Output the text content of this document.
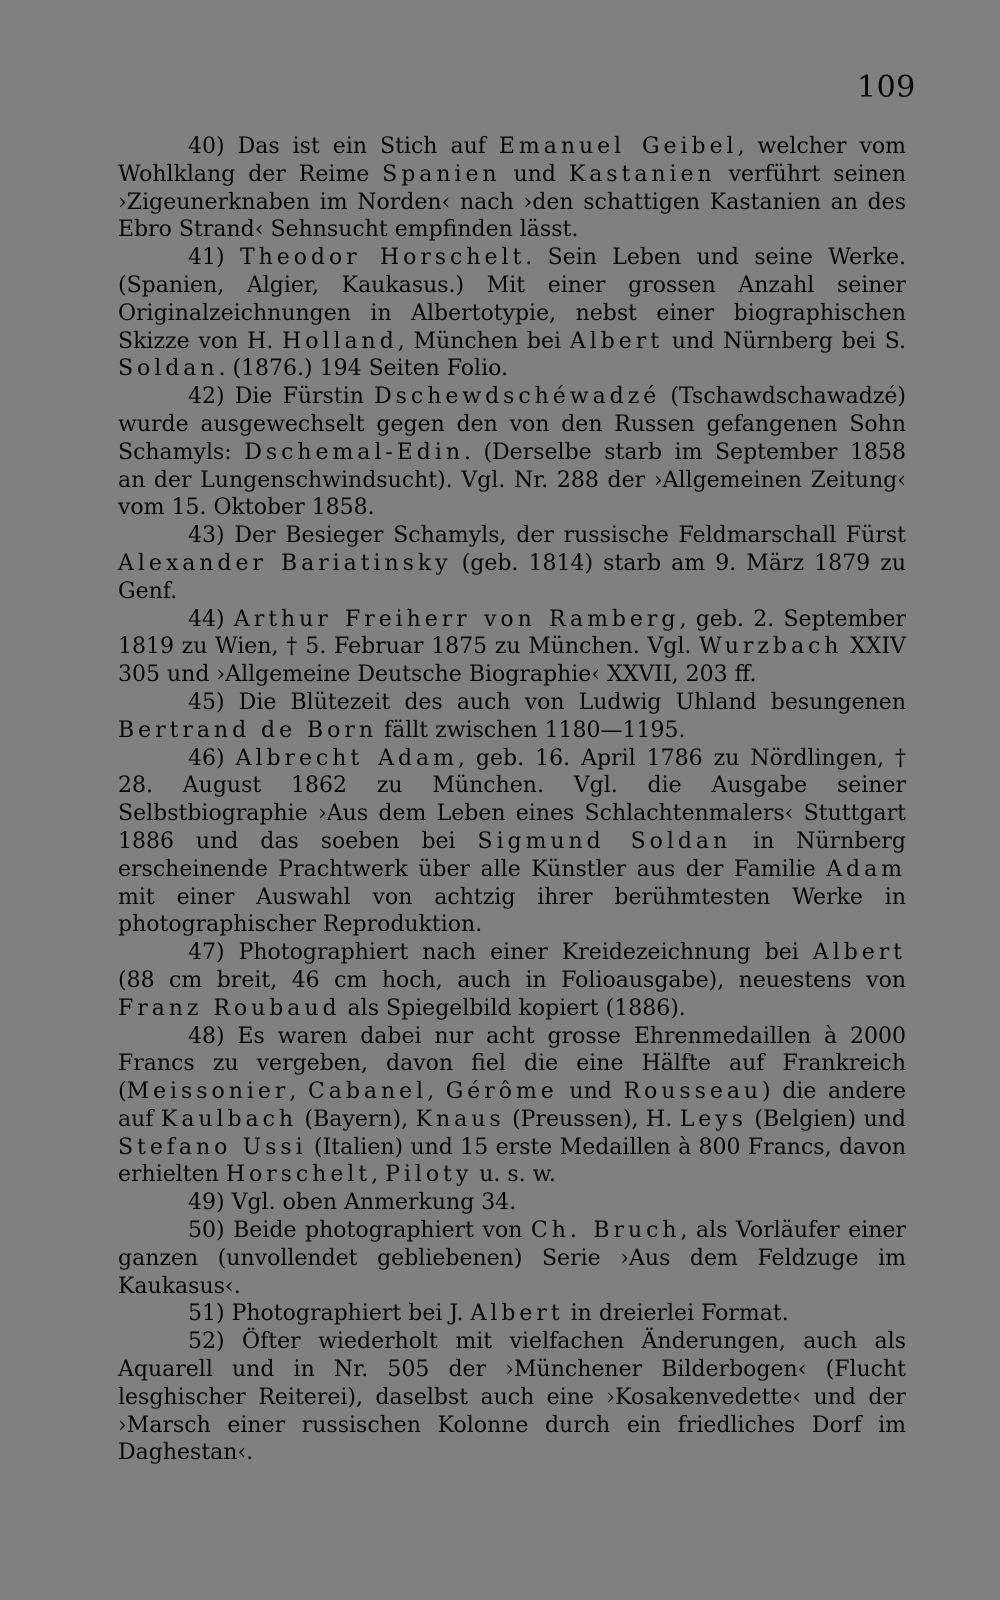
109

40) Das ist ein Stich auf Emanuel Geibel, welcher vom Wohlklang der Reime Spanien und Kastanien verführt seinen ›Zigeunerknaben im Norden‹ nach ›den schattigen Kastanien an des Ebro Strand‹ Sehnsucht empfinden lässt.

41) Theodor Horschelt. Sein Leben und seine Werke. (Spanien, Algier, Kaukasus.) Mit einer grossen Anzahl seiner Originalzeichnungen in Albertotypie, nebst einer biographischen Skizze von H. Holland, München bei Albert und Nürnberg bei S. Soldan. (1876.) 194 Seiten Folio.

42) Die Fürstin Dschewdschéwadzé (Tschawdschawadzé) wurde ausgewechselt gegen den von den Russen gefangenen Sohn Schamyls: Dschemal-Edin. (Derselbe starb im September 1858 an der Lungenschwindsucht). Vgl. Nr. 288 der ›Allgemeinen Zeitung‹ vom 15. Oktober 1858.

43) Der Besieger Schamyls, der russische Feldmarschall Fürst Alexander Bariatinsky (geb. 1814) starb am 9. März 1879 zu Genf.

44) Arthur Freiherr von Ramberg, geb. 2. September 1819 zu Wien, † 5. Februar 1875 zu München. Vgl. Wurzbach XXIV 305 und ›Allgemeine Deutsche Biographie‹ XXVII, 203 ff.

45) Die Blütezeit des auch von Ludwig Uhland besungenen Bertrand de Born fällt zwischen 1180—1195.

46) Albrecht Adam, geb. 16. April 1786 zu Nördlingen, † 28. August 1862 zu München. Vgl. die Ausgabe seiner Selbstbiographie ›Aus dem Leben eines Schlachtenmalers‹ Stuttgart 1886 und das soeben bei Sigmund Soldan in Nürnberg erscheinende Prachtwerk über alle Künstler aus der Familie Adam mit einer Auswahl von achtzig ihrer berühmtesten Werke in photographischer Reproduktion.

47) Photographiert nach einer Kreidezeichnung bei Albert (88 cm breit, 46 cm hoch, auch in Folioausgabe), neuestens von Franz Roubaud als Spiegelbild kopiert (1886).

48) Es waren dabei nur acht grosse Ehrenmedaillen à 2000 Francs zu vergeben, davon fiel die eine Hälfte auf Frankreich (Meissonier, Cabanel, Gérôme und Rousseau) die andere auf Kaulbach (Bayern), Knaus (Preussen), H. Leys (Belgien) und Stefano Ussi (Italien) und 15 erste Medaillen à 800 Francs, davon erhielten Horschelt, Piloty u. s. w.

49) Vgl. oben Anmerkung 34.

50) Beide photographiert von Ch. Bruch, als Vorläufer einer ganzen (unvollendet gebliebenen) Serie ›Aus dem Feldzuge im Kaukasus‹.

51) Photographiert bei J. Albert in dreierlei Format.

52) Öfter wiederholt mit vielfachen Änderungen, auch als Aquarell und in Nr. 505 der ›Münchener Bilderbogen‹ (Flucht lesghischer Reiterei), daselbst auch eine ›Kosakenvedette‹ und der ›Marsch einer russischen Kolonne durch ein friedliches Dorf im Daghestan‹.
